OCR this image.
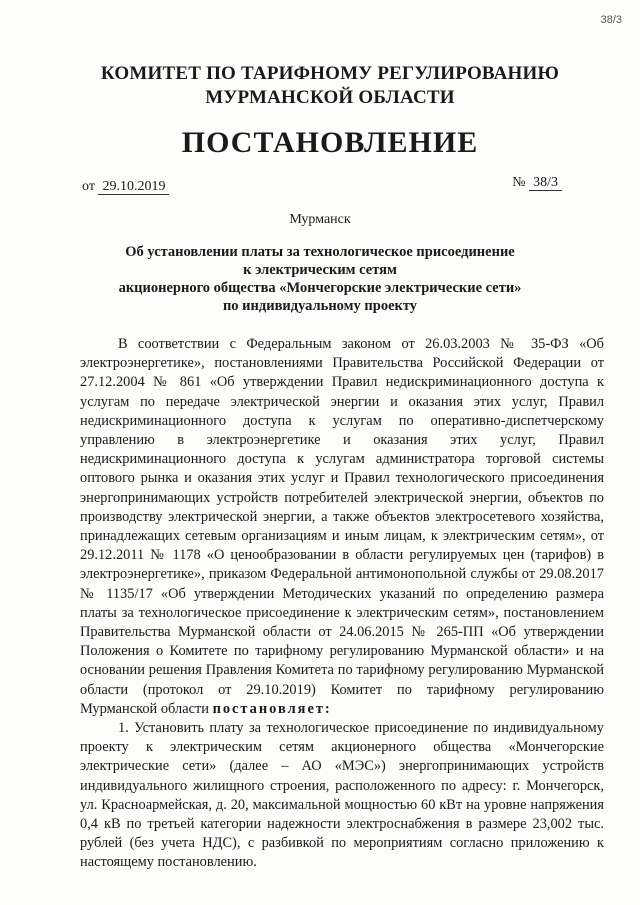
38/3
КОМИТЕТ ПО ТАРИФНОМУ РЕГУЛИРОВАНИЮ
МУРМАНСКОЙ ОБЛАСТИ
ПОСТАНОВЛЕНИЕ
от 29.10.2019	№ 38/3
Мурманск
Об установлении платы за технологическое присоединение
к электрическим сетям
акционерного общества «Мончегорские электрические сети»
по индивидуальному проекту

В соответствии с Федеральным законом от 26.03.2003 № 35-ФЗ «Об электроэнергетике», постановлениями Правительства Российской Федерации от 27.12.2004 № 861 «Об утверждении Правил недискриминационного доступа к услугам по передаче электрической энергии и оказания этих услуг, Правил недискриминационного доступа к услугам по оперативно-диспетчерскому управлению в электроэнергетике и оказания этих услуг, Правил недискриминационного доступа к услугам администратора торговой системы оптового рынка и оказания этих услуг и Правил технологического присоединения энергопринимающих устройств потребителей электрической энергии, объектов по производству электрической энергии, а также объектов электросетевого хозяйства, принадлежащих сетевым организациям и иным лицам, к электрическим сетям», от 29.12.2011 № 1178 «О ценообразовании в области регулируемых цен (тарифов) в электроэнергетике», приказом Федеральной антимонопольной службы от 29.08.2017 № 1135/17 «Об утверждении Методических указаний по определению размера платы за технологическое присоединение к электрическим сетям», постановлением Правительства Мурманской области от 24.06.2015 № 265-ПП «Об утверждении Положения о Комитете по тарифному регулированию Мурманской области» и на основании решения Правления Комитета по тарифному регулированию Мурманской области (протокол от 29.10.2019) Комитет по тарифному регулированию Мурманской области постановляет:

1. Установить плату за технологическое присоединение по индивидуальному проекту к электрическим сетям акционерного общества «Мончегорские электрические сети» (далее – АО «МЭС») энергопринимающих устройств индивидуального жилищного строения, расположенного по адресу: г. Мончегорск, ул. Красноармейская, д. 20, максимальной мощностью 60 кВт на уровне напряжения 0,4 кВ по третьей категории надежности электроснабжения в размере 23,002 тыс. рублей (без учета НДС), с разбивкой по мероприятиям согласно приложению к настоящему постановлению.
